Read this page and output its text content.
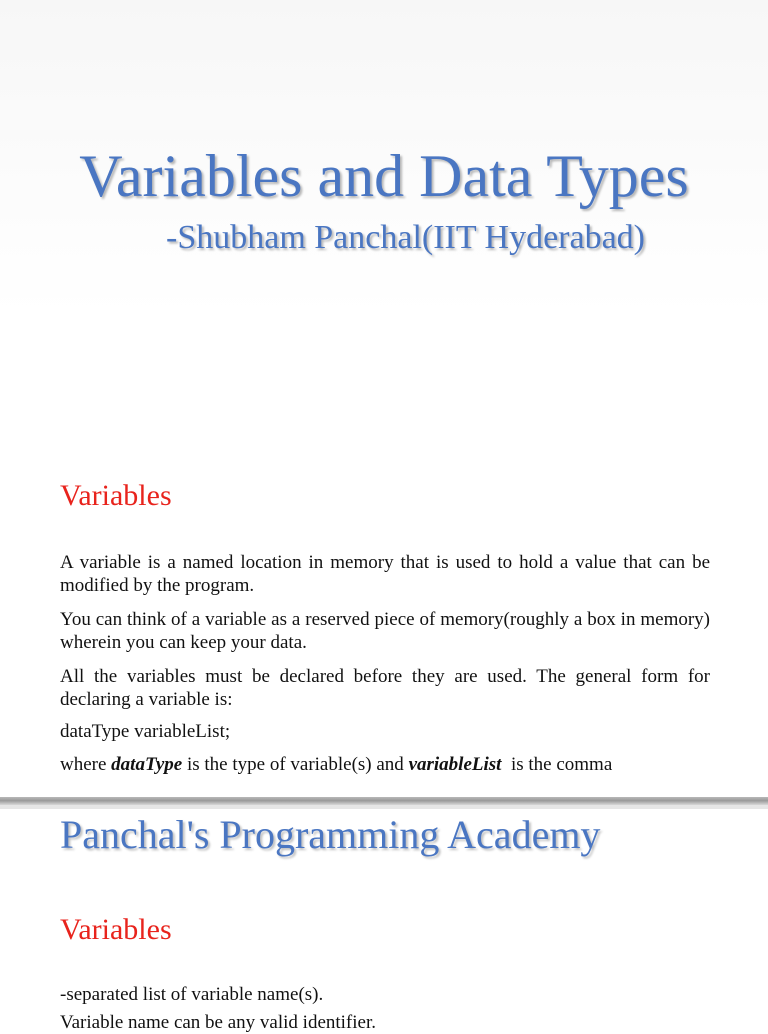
Variables and Data Types
-Shubham Panchal(IIT Hyderabad)
Variables

A variable is a named location in memory that is used to hold a value that can be modified by the program.

You can think of a variable as a reserved piece of memory(roughly a box in memory) wherein you can keep your data.

All the variables must be declared before they are used. The general form for declaring a variable is:

dataType variableList;

where dataType is the type of variable(s) and variableList  is the comma

Panchal's Programming Academy
Variables

-separated list of variable name(s).

Variable name can be any valid identifier.
